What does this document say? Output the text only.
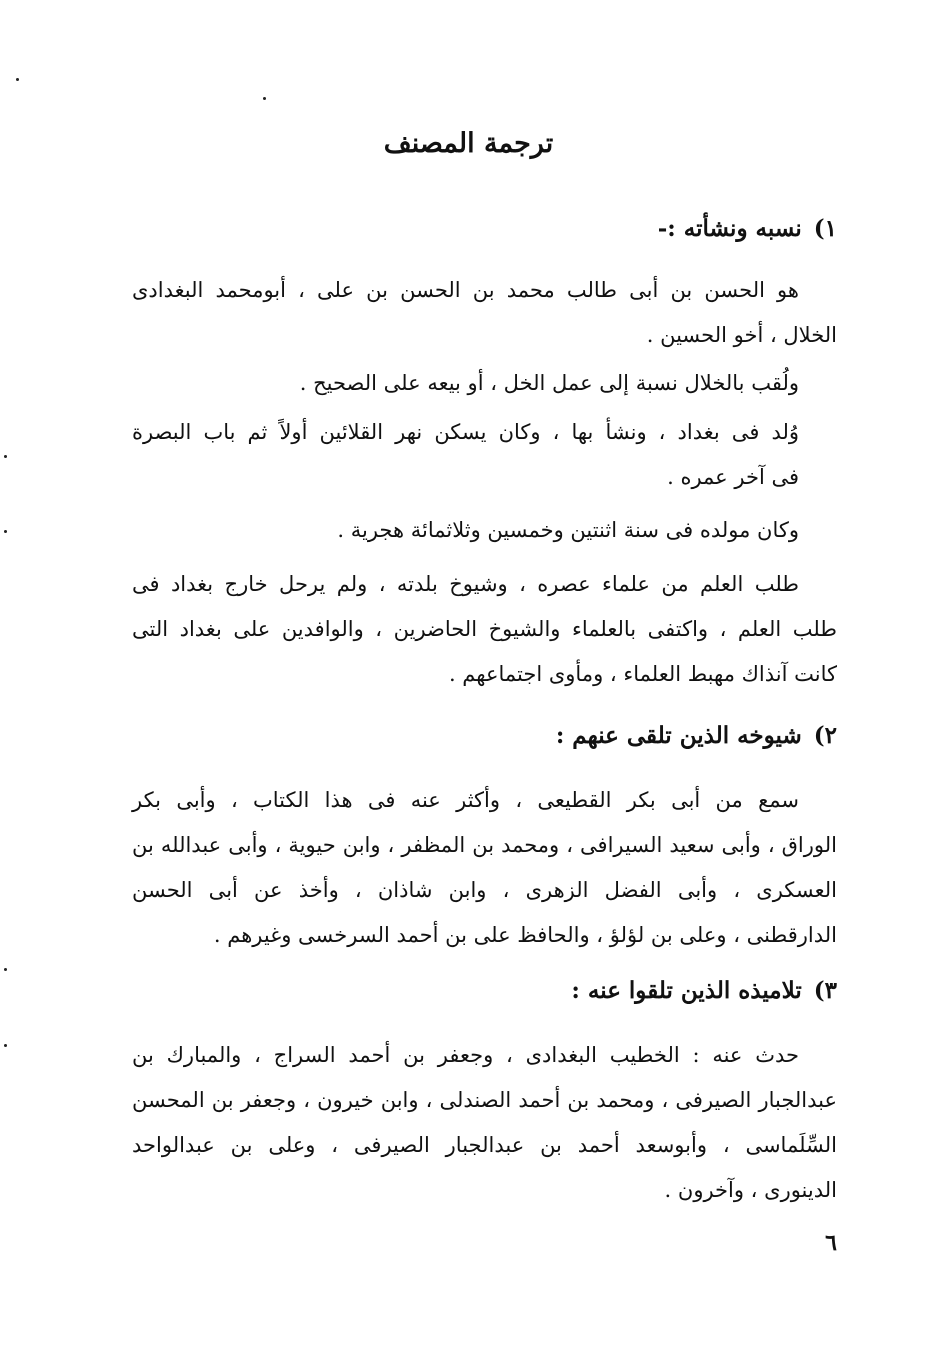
ترجمة المصنف
١)نسبه ونشأته :-
هو الحسن بن أبى طالب محمد بن الحسن بن على ، أبومحمد البغدادى
الخلال ، أخو الحسين .
ولُقب بالخلال نسبة إلى عمل الخل ، أو بيعه على الصحيح .
وُلد فى بغداد ، ونشأ بها ، وكان يسكن نهر القلائين أولاً ثم باب البصرة
فى آخر عمره .
وكان مولده فى سنة اثنتين وخمسين وثلاثمائة هجرية .
طلب العلم من علماء عصره ، وشيوخ بلدته ، ولم يرحل خارج بغداد فى
طلب العلم ، واكتفى بالعلماء والشيوخ الحاضرين ، والوافدين على بغداد التى
كانت آنذاك مهبط العلماء ، ومأوى اجتماعهم .
٢)شيوخه الذين تلقى عنهم :
سمع من أبى بكر القطيعى ، وأكثر عنه فى هذا الكتاب ، وأبى بكر
الوراق ، وأبى سعيد السيرافى ، ومحمد بن المظفر ، وابن حيوية ، وأبى عبدالله بن
العسكرى ، وأبى الفضل الزهرى ، وابن شاذان ، وأخذ عن أبى الحسن
الدارقطنى ، وعلى بن لؤلؤ ، والحافظ على بن أحمد السرخسى وغيرهم .
٣)تلاميذه الذين تلقوا عنه :
حدث عنه : الخطيب البغدادى ، وجعفر بن أحمد السراج ، والمبارك بن
عبدالجبار الصيرفى ، ومحمد بن أحمد الصندلى ، وابن خيرون ، وجعفر بن المحسن
السِّلَماسى ، وأبوسعد أحمد بن عبدالجبار الصيرفى ، وعلى بن عبدالواحد
الدينورى ، وآخرون .
٦
